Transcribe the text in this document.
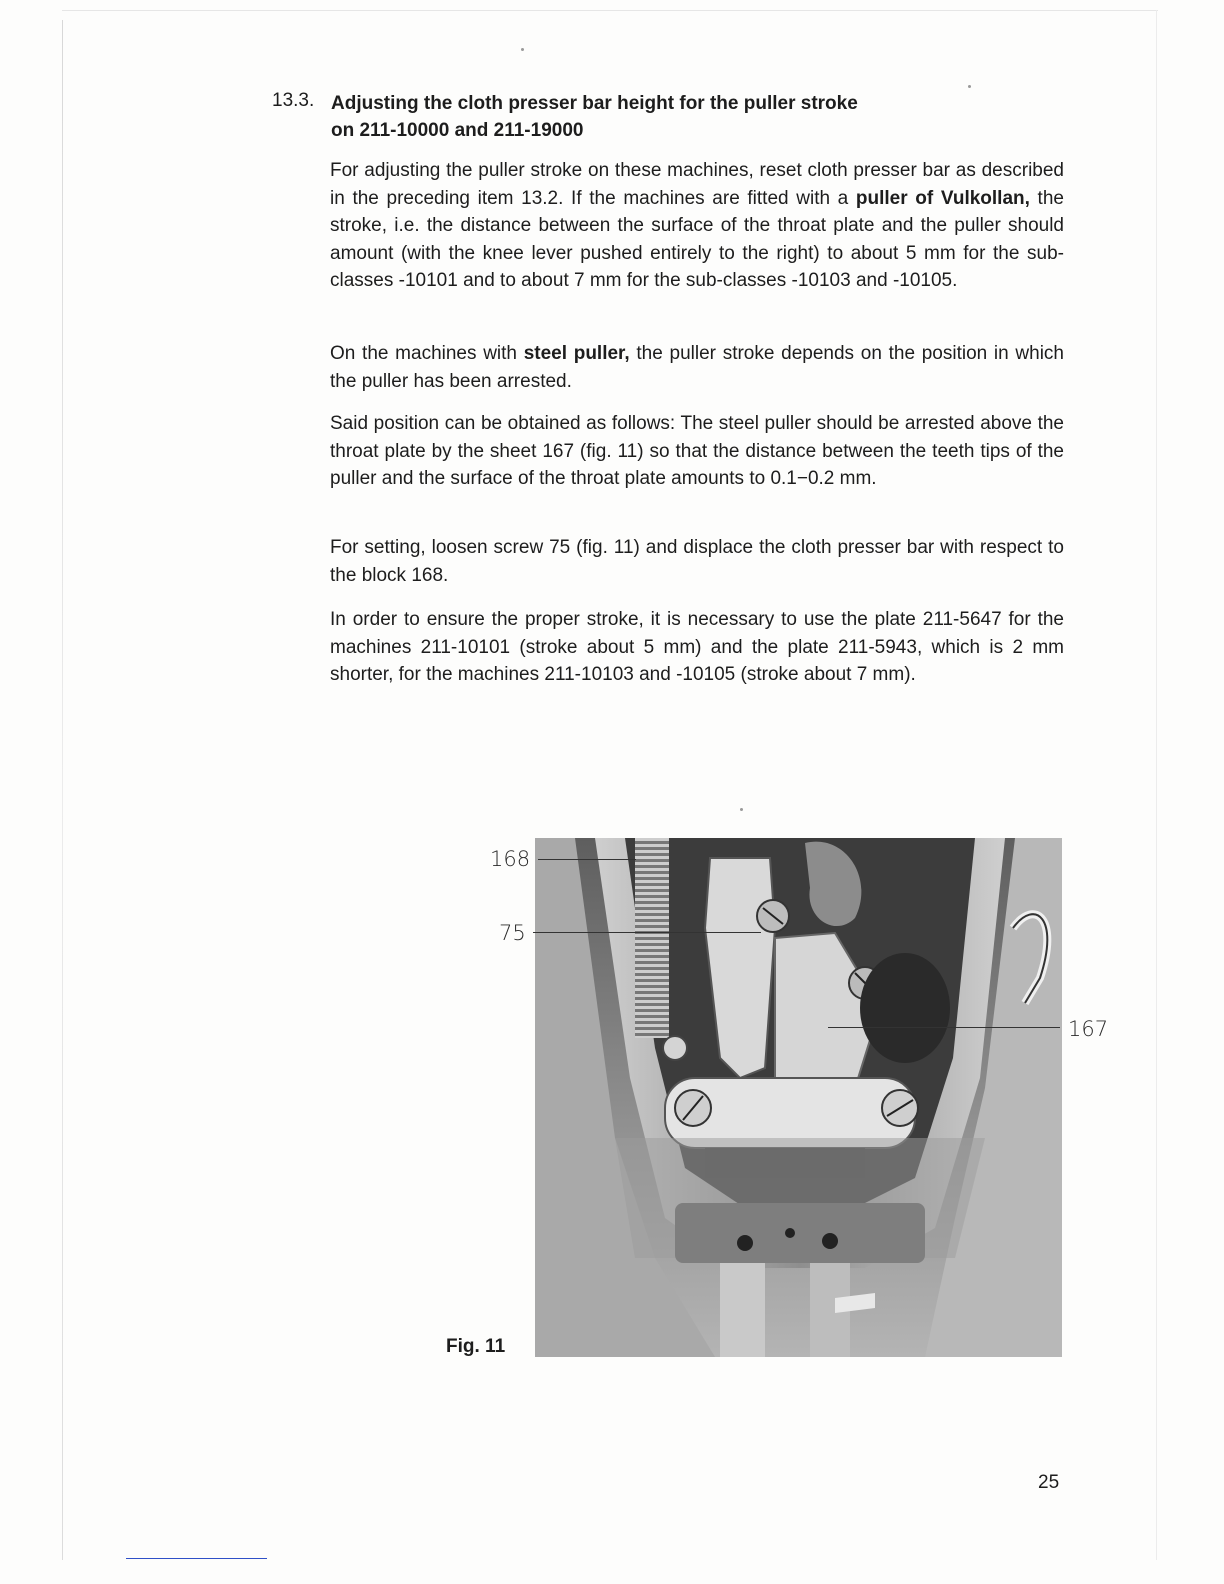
13.3. Adjusting the cloth presser bar height for the puller stroke
on 211-10000 and 211-19000

For adjusting the puller stroke on these machines, reset cloth presser bar as described in the preceding item 13.2. If the machines are fitted with a puller of Vulkollan, the stroke, i.e. the distance between the surface of the throat plate and the puller should amount (with the knee lever pushed entirely to the right) to about 5 mm for the sub-classes -10101 and to about 7 mm for the sub-classes -10103 and -10105.

On the machines with steel puller, the puller stroke depends on the position in which the puller has been arrested.

Said position can be obtained as follows: The steel puller should be arrested above the throat plate by the sheet 167 (fig. 11) so that the distance between the teeth tips of the puller and the surface of the throat plate amounts to 0.1−0.2 mm.

For setting, loosen screw 75 (fig. 11) and displace the cloth presser bar with respect to the block 168.

In order to ensure the proper stroke, it is necessary to use the plate 211-5647 for the machines 211-10101 (stroke about 5 mm) and the plate 211-5943, which is 2 mm shorter, for the machines 211-10103 and -10105 (stroke about 7 mm).

168
75
167
Fig. 11
25
